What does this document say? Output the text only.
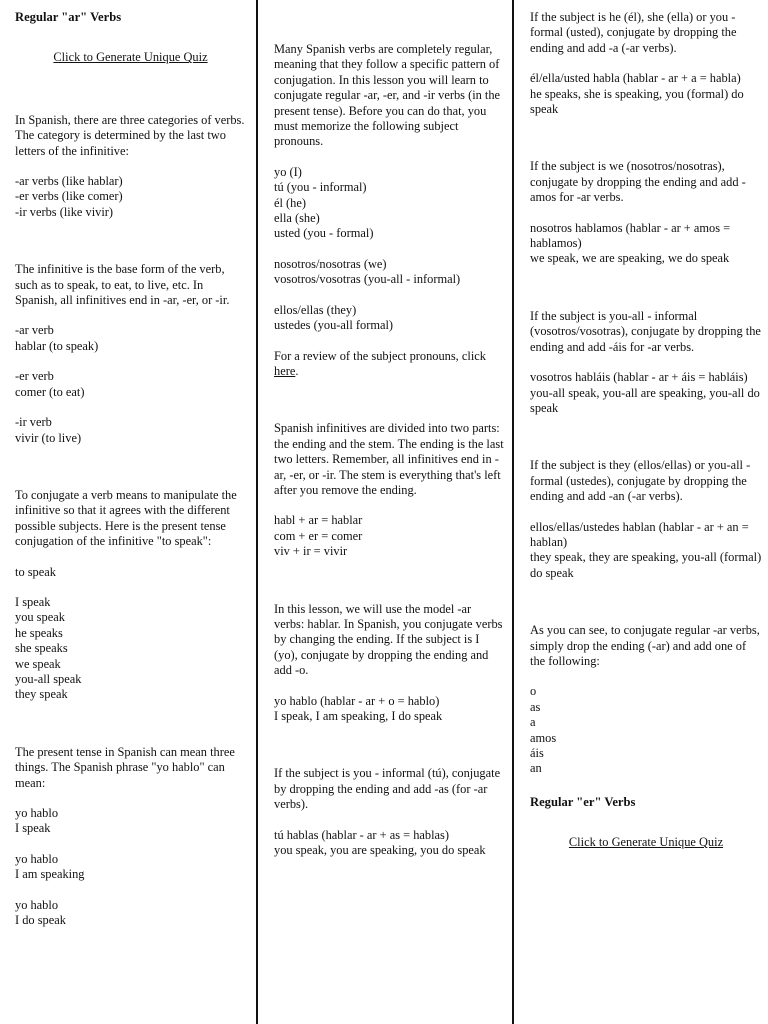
Regular "ar" Verbs

Click to Generate Unique Quiz

In Spanish, there are three categories of verbs. The category is determined by the last two letters of the infinitive:

-ar verbs (like hablar)
-er verbs (like comer)
-ir verbs (like vivir)

The infinitive is the base form of the verb, such as to speak, to eat, to live, etc. In Spanish, all infinitives end in -ar, -er, or -ir.

-ar verb
hablar (to speak)

-er verb
comer (to eat)

-ir verb
vivir (to live)

To conjugate a verb means to manipulate the infinitive so that it agrees with the different possible subjects. Here is the present tense conjugation of the infinitive "to speak":

to speak

I speak
you speak
he speaks
she speaks
we speak
you-all speak
they speak

The present tense in Spanish can mean three things. The Spanish phrase "yo hablo" can mean:

yo hablo
I speak

yo hablo
I am speaking

yo hablo
I do speak

Many Spanish verbs are completely regular, meaning that they follow a specific pattern of conjugation. In this lesson you will learn to conjugate regular -ar, -er, and -ir verbs (in the present tense). Before you can do that, you must memorize the following subject pronouns.

yo (I)
tú (you - informal)
él (he)
ella (she)
usted (you - formal)

nosotros/nosotras (we)
vosotros/vosotras (you-all - informal)

ellos/ellas (they)
ustedes (you-all formal)

For a review of the subject pronouns, click here.

Spanish infinitives are divided into two parts: the ending and the stem. The ending is the last two letters. Remember, all infinitives end in -ar, -er, or -ir. The stem is everything that's left after you remove the ending.

habl + ar = hablar
com + er = comer
viv + ir = vivir

In this lesson, we will use the model -ar verbs: hablar. In Spanish, you conjugate verbs by changing the ending. If the subject is I (yo), conjugate by dropping the ending and add -o.

yo hablo (hablar - ar + o = hablo)
I speak, I am speaking, I do speak

If the subject is you - informal (tú), conjugate by dropping the ending and add -as (for -ar verbs).

tú hablas (hablar - ar + as = hablas)
you speak, you are speaking, you do speak

If the subject is he (él), she (ella) or you - formal (usted), conjugate by dropping the ending and add -a (-ar verbs).

él/ella/usted habla (hablar - ar + a = habla)
he speaks, she is speaking, you (formal) do speak

If the subject is we (nosotros/nosotras), conjugate by dropping the ending and add -amos for -ar verbs.

nosotros hablamos (hablar - ar + amos = hablamos)
we speak, we are speaking, we do speak

If the subject is you-all - informal (vosotros/vosotras), conjugate by dropping the ending and add -áis for -ar verbs.

vosotros habláis (hablar - ar + áis = habláis)
you-all speak, you-all are speaking, you-all do speak

If the subject is they (ellos/ellas) or you-all - formal (ustedes), conjugate by dropping the ending and add -an (-ar verbs).

ellos/ellas/ustedes hablan (hablar - ar + an = hablan)
they speak, they are speaking, you-all (formal) do speak

As you can see, to conjugate regular -ar verbs, simply drop the ending (-ar) and add one of the following:

o
as
a
amos
áis
an

Regular "er" Verbs

Click to Generate Unique Quiz
